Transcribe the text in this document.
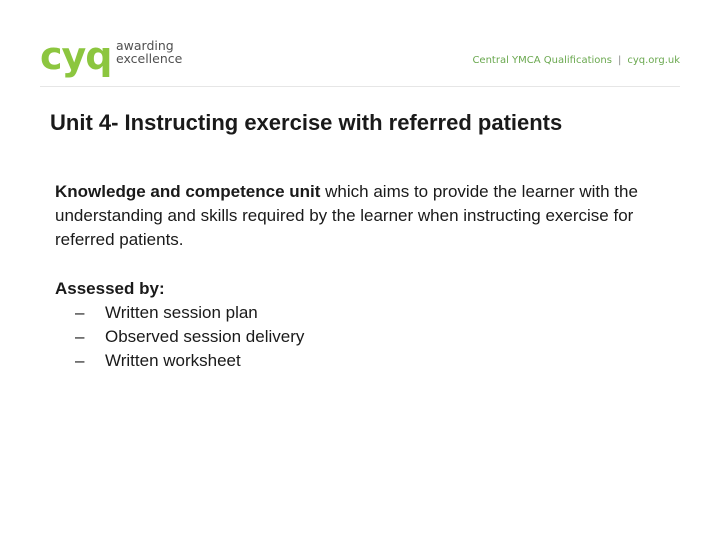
cyq awarding
excellence	Central YMCA Qualifications | cyq.org.uk
Unit 4- Instructing exercise with referred patients

Knowledge and competence unit which aims to provide the learner with the understanding and skills required by the learner when instructing exercise for referred patients.

Assessed by:
– Written session plan
– Observed session delivery
– Written worksheet
